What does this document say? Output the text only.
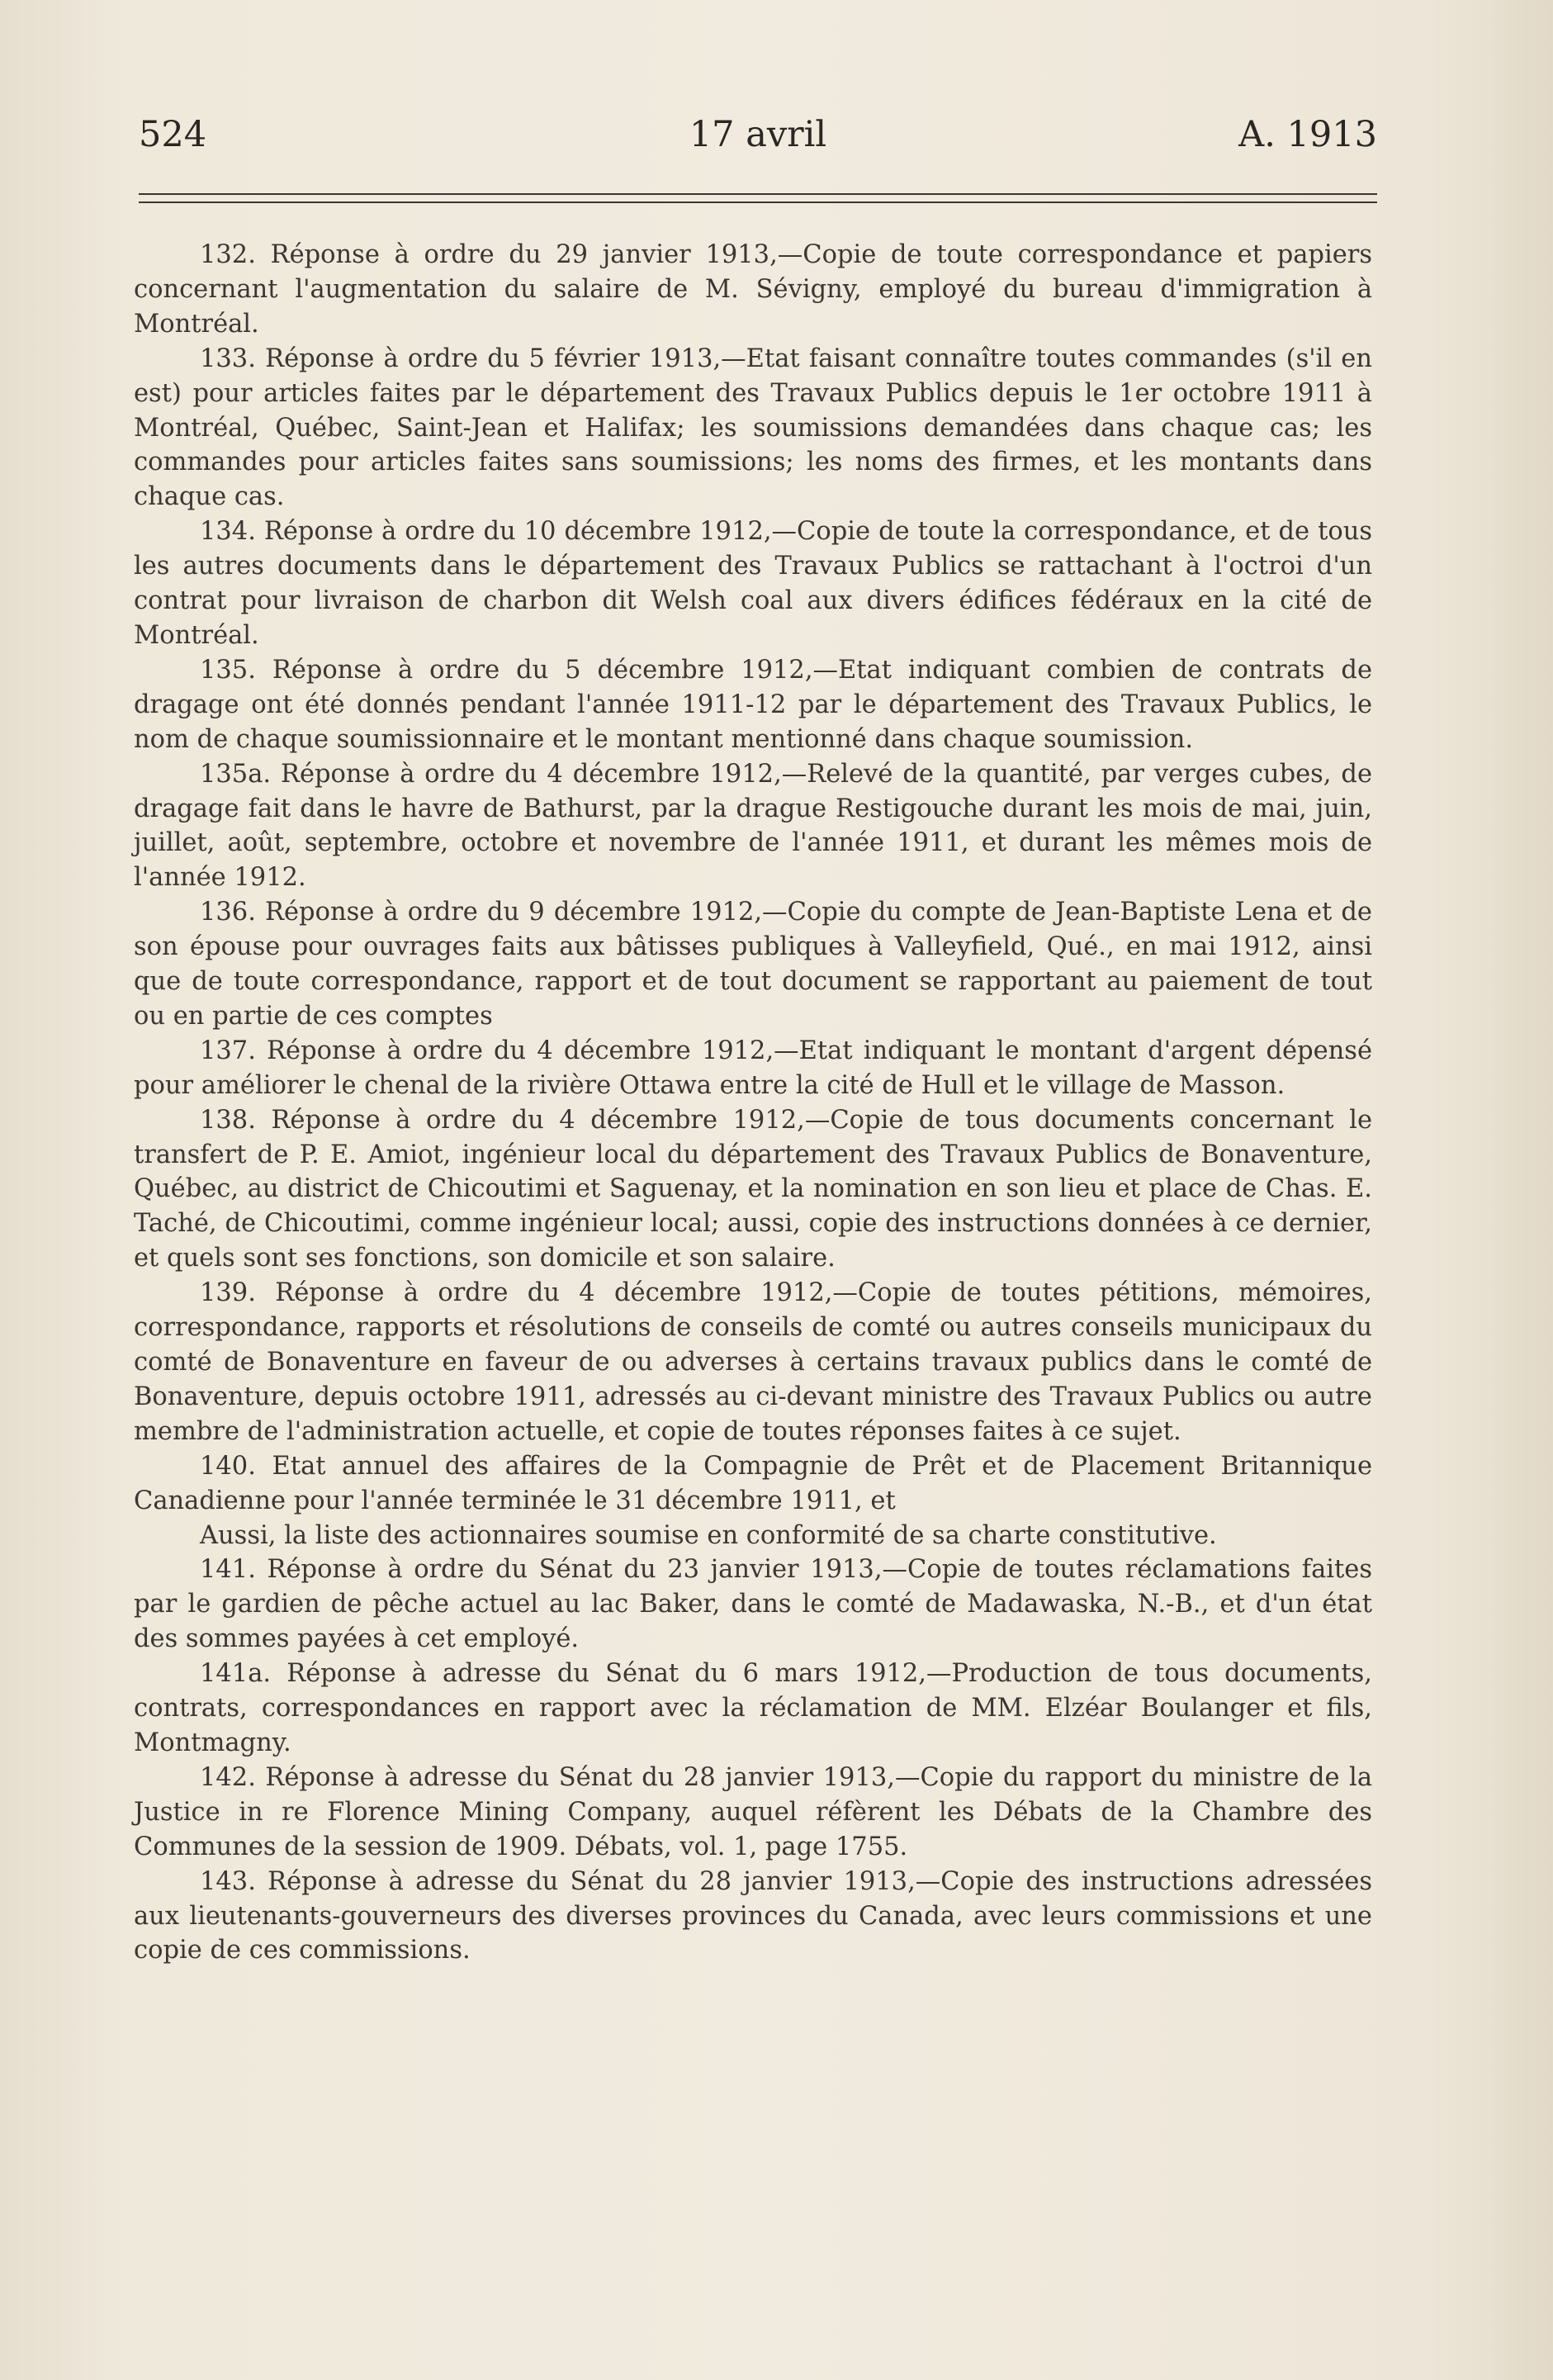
524	17 avril	A. 1913

132. Réponse à ordre du 29 janvier 1913,—Copie de toute correspondance et papiers concernant l'augmentation du salaire de M. Sévigny, employé du bureau d'immigration à Montréal.

133. Réponse à ordre du 5 février 1913,—Etat faisant connaître toutes commandes (s'il en est) pour articles faites par le département des Travaux Publics depuis le 1er octobre 1911 à Montréal, Québec, Saint-Jean et Halifax; les soumissions demandées dans chaque cas; les commandes pour articles faites sans soumissions; les noms des firmes, et les montants dans chaque cas.

134. Réponse à ordre du 10 décembre 1912,—Copie de toute la correspondance, et de tous les autres documents dans le département des Travaux Publics se rattachant à l'octroi d'un contrat pour livraison de charbon dit Welsh coal aux divers édifices fédéraux en la cité de Montréal.

135. Réponse à ordre du 5 décembre 1912,—Etat indiquant combien de contrats de dragage ont été donnés pendant l'année 1911-12 par le département des Travaux Publics, le nom de chaque soumissionnaire et le montant mentionné dans chaque soumission.

135a. Réponse à ordre du 4 décembre 1912,—Relevé de la quantité, par verges cubes, de dragage fait dans le havre de Bathurst, par la drague Restigouche durant les mois de mai, juin, juillet, août, septembre, octobre et novembre de l'année 1911, et durant les mêmes mois de l'année 1912.

136. Réponse à ordre du 9 décembre 1912,—Copie du compte de Jean-Baptiste Lena et de son épouse pour ouvrages faits aux bâtisses publiques à Valleyfield, Qué., en mai 1912, ainsi que de toute correspondance, rapport et de tout document se rapportant au paiement de tout ou en partie de ces comptes

137. Réponse à ordre du 4 décembre 1912,—Etat indiquant le montant d'argent dépensé pour améliorer le chenal de la rivière Ottawa entre la cité de Hull et le village de Masson.

138. Réponse à ordre du 4 décembre 1912,—Copie de tous documents concernant le transfert de P. E. Amiot, ingénieur local du département des Travaux Publics de Bonaventure, Québec, au district de Chicoutimi et Saguenay, et la nomination en son lieu et place de Chas. E. Taché, de Chicoutimi, comme ingénieur local; aussi, copie des instructions données à ce dernier, et quels sont ses fonctions, son domicile et son salaire.

139. Réponse à ordre du 4 décembre 1912,—Copie de toutes pétitions, mémoires, correspondance, rapports et résolutions de conseils de comté ou autres conseils municipaux du comté de Bonaventure en faveur de ou adverses à certains travaux publics dans le comté de Bonaventure, depuis octobre 1911, adressés au ci-devant ministre des Travaux Publics ou autre membre de l'administration actuelle, et copie de toutes réponses faites à ce sujet.

140. Etat annuel des affaires de la Compagnie de Prêt et de Placement Britannique Canadienne pour l'année terminée le 31 décembre 1911, et

Aussi, la liste des actionnaires soumise en conformité de sa charte constitutive.

141. Réponse à ordre du Sénat du 23 janvier 1913,—Copie de toutes réclamations faites par le gardien de pêche actuel au lac Baker, dans le comté de Madawaska, N.-B., et d'un état des sommes payées à cet employé.

141a. Réponse à adresse du Sénat du 6 mars 1912,—Production de tous documents, contrats, correspondances en rapport avec la réclamation de MM. Elzéar Boulanger et fils, Montmagny.

142. Réponse à adresse du Sénat du 28 janvier 1913,—Copie du rapport du ministre de la Justice in re Florence Mining Company, auquel réfèrent les Débats de la Chambre des Communes de la session de 1909. Débats, vol. 1, page 1755.

143. Réponse à adresse du Sénat du 28 janvier 1913,—Copie des instructions adressées aux lieutenants-gouverneurs des diverses provinces du Canada, avec leurs commissions et une copie de ces commissions.
